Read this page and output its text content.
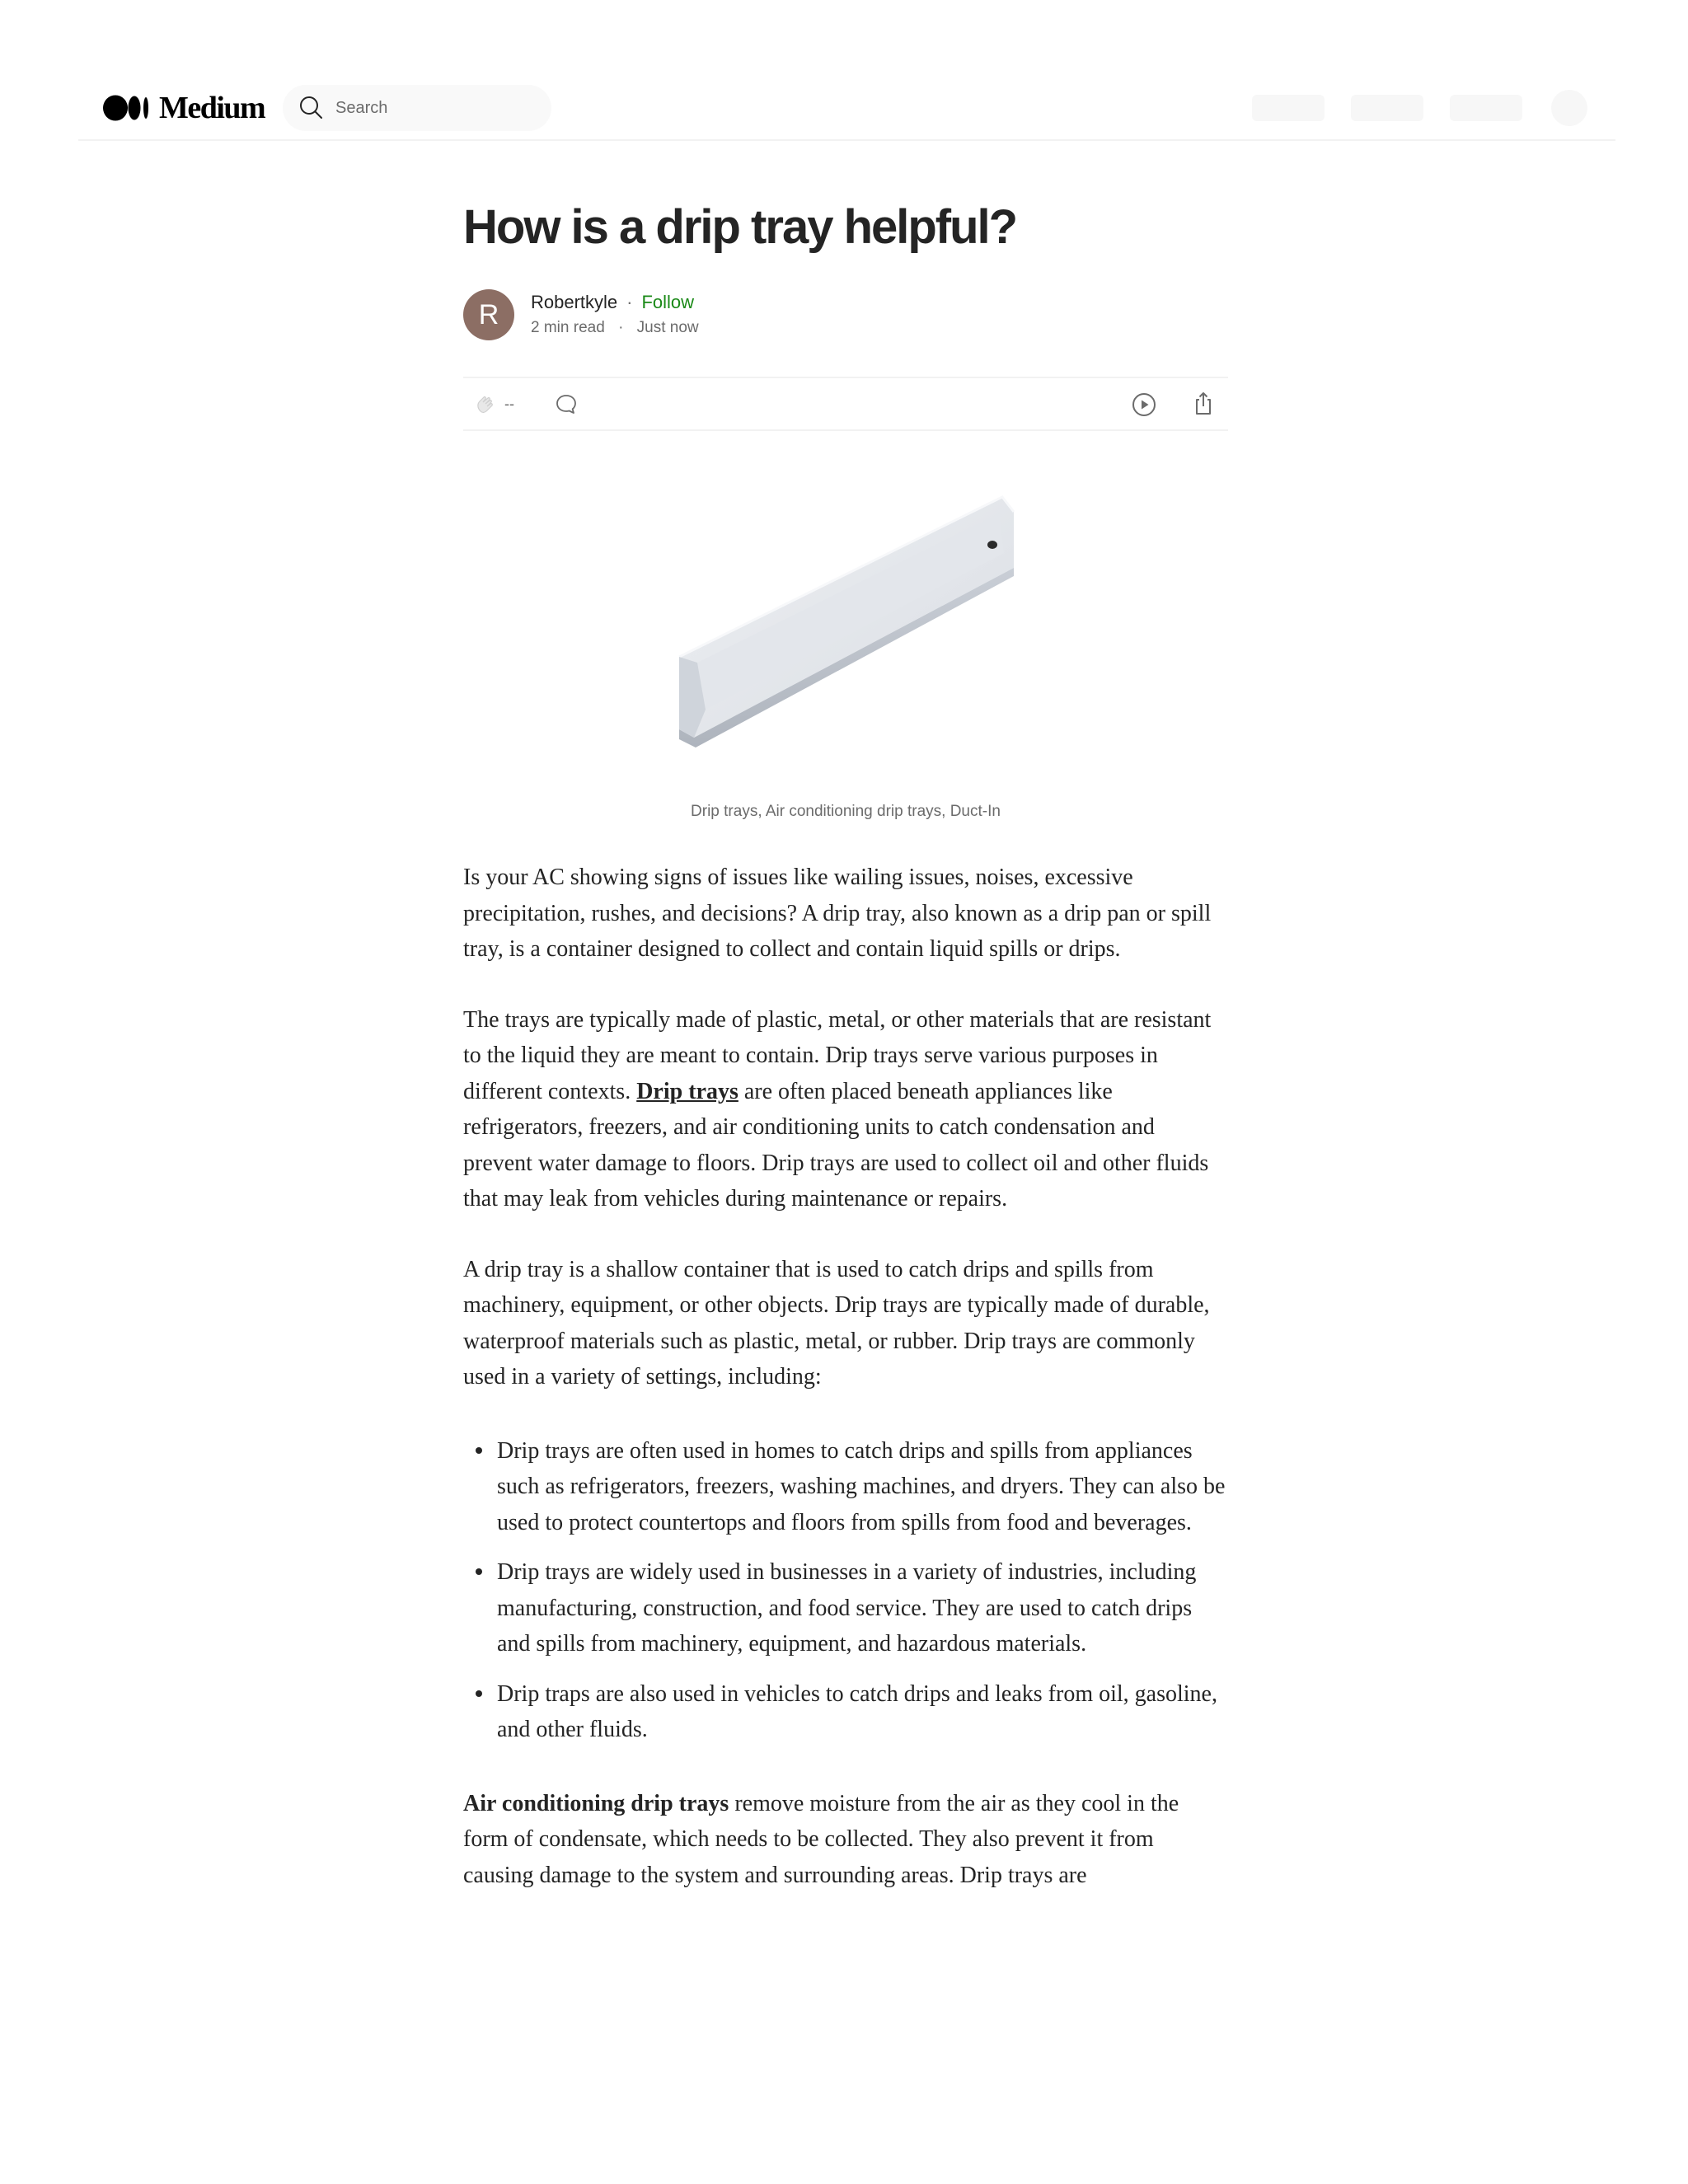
Medium
Search
How is a drip tray helpful?
R Robertkyle · Follow
2 min read · Just now
--
Drip trays, Air conditioning drip trays, Duct-In

Is your AC showing signs of issues like wailing issues, noises, excessive precipitation, rushes, and decisions? A drip tray, also known as a drip pan or spill tray, is a container designed to collect and contain liquid spills or drips.

The trays are typically made of plastic, metal, or other materials that are resistant to the liquid they are meant to contain. Drip trays serve various purposes in different contexts. Drip trays are often placed beneath appliances like refrigerators, freezers, and air conditioning units to catch condensation and prevent water damage to floors. Drip trays are used to collect oil and other fluids that may leak from vehicles during maintenance or repairs.

A drip tray is a shallow container that is used to catch drips and spills from machinery, equipment, or other objects. Drip trays are typically made of durable, waterproof materials such as plastic, metal, or rubber. Drip trays are commonly used in a variety of settings, including:

Drip trays are often used in homes to catch drips and spills from appliances such as refrigerators, freezers, washing machines, and dryers. They can also be used to protect countertops and floors from spills from food and beverages.
Drip trays are widely used in businesses in a variety of industries, including manufacturing, construction, and food service. They are used to catch drips and spills from machinery, equipment, and hazardous materials.
Drip traps are also used in vehicles to catch drips and leaks from oil, gasoline, and other fluids.

Air conditioning drip trays remove moisture from the air as they cool in the form of condensate, which needs to be collected. They also prevent it from causing damage to the system and surrounding areas. Drip trays are
